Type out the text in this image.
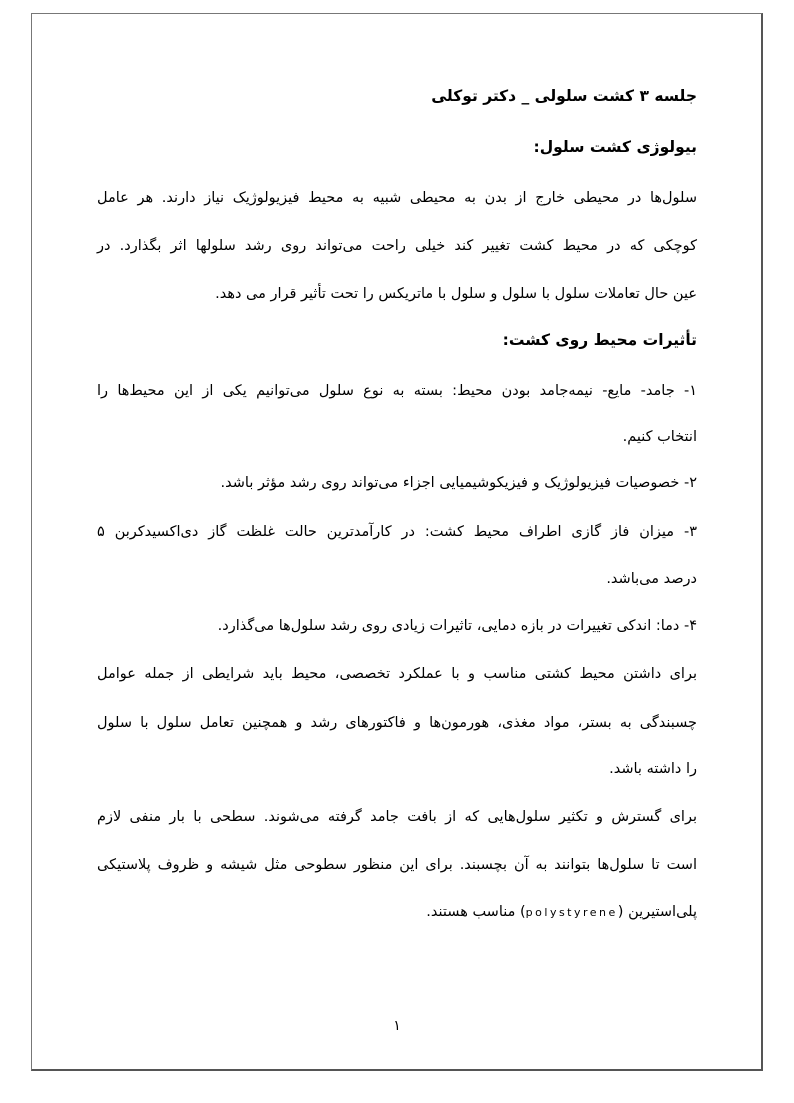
جلسه ۳ کشت سلولی _ دکتر توکلی
بیولوژی کشت سلول:
سلول‌ها در محیطی خارج از بدن به محیطی شبیه به محیط فیزیولوژیک نیاز دارند. هر عامل
کوچکی که در محیط کشت تغییر کند خیلی راحت می‌تواند روی رشد سلولها اثر بگذارد. در
عین حال تعاملات سلول با سلول و سلول با ماتریکس را تحت تأثیر قرار می دهد.
تأثیرات محیط روی کشت:
۱- جامد- مایع- نیمه‌جامد بودن محیط: بسته به نوع سلول می‌توانیم یکی از این محیط‌ها را
انتخاب کنیم.
۲- خصوصیات فیزیولوژیک و فیزیکوشیمیایی اجزاء می‌تواند روی رشد مؤثر باشد.
۳- میزان فاز گازی اطراف محیط کشت: در کارآمدترین حالت غلظت گاز دی‌اکسیدکربن ۵
درصد می‌باشد.
۴- دما: اندکی تغییرات در بازه دمایی، تاثیرات زیادی روی رشد سلول‌ها می‌گذارد.
برای داشتن محیط کشتی مناسب و با عملکرد تخصصی، محیط باید شرایطی از جمله عوامل
چسبندگی به بستر، مواد مغذی، هورمون‌ها و فاکتورهای رشد و همچنین تعامل سلول با سلول
را داشته باشد.
برای گسترش و تکثیر سلول‌هایی که از بافت جامد گرفته می‌شوند. سطحی با بار منفی لازم
است تا سلول‌ها بتوانند به آن بچسبند. برای این منظور سطوحی مثل شیشه و ظروف پلاستیکی
پلی‌استیرین (polystyrene) مناسب هستند.
۱
